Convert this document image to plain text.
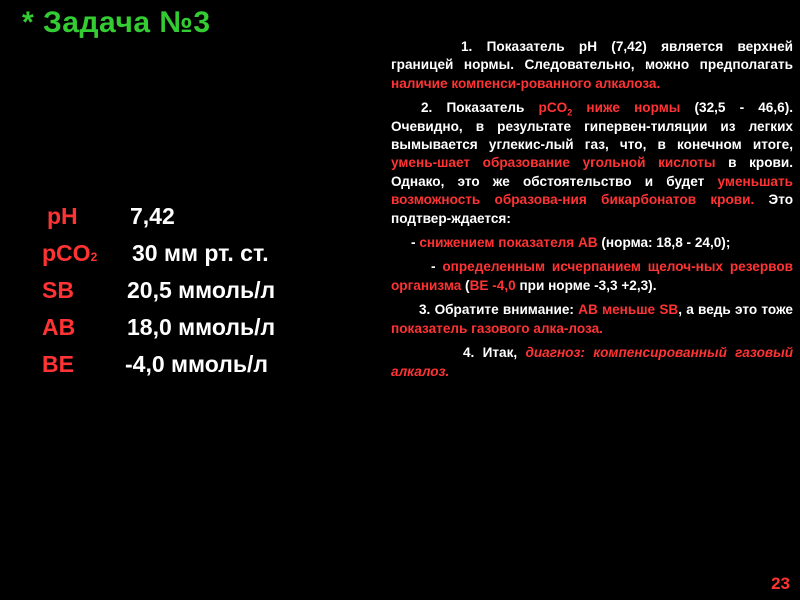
* Задача №3
pH 7,42
pCO2 30 мм рт. ст.
SB 20,5 ммоль/л
AB 18,0 ммоль/л
BE -4,0 ммоль/л

1. Показатель pH (7,42) является верхней границей нормы. Следовательно, можно предполагать наличие компенси-рованного алкалоза.

2. Показатель pCO$_2$ ниже нормы (32,5 - 46,6). Очевидно, в результате гипервен-тиляции из легких вымывается углекис-лый газ, что, в конечном итоге, умень-шает образование угольной кислоты в крови. Однако, это же обстоятельство и будет уменьшать возможность образова-ния бикарбонатов крови. Это подтвер-ждается:

- снижением показателя АВ (норма: 18,8 - 24,0);

- определенным исчерпанием щелоч-ных резервов организма (BE -4,0 при норме -3,3 +2,3).

3. Обратите внимание: АВ меньше SB, а ведь это тоже показатель газового алка-лоза.

4. Итак, диагноз: компенсированный газовый алкалоз.

23
